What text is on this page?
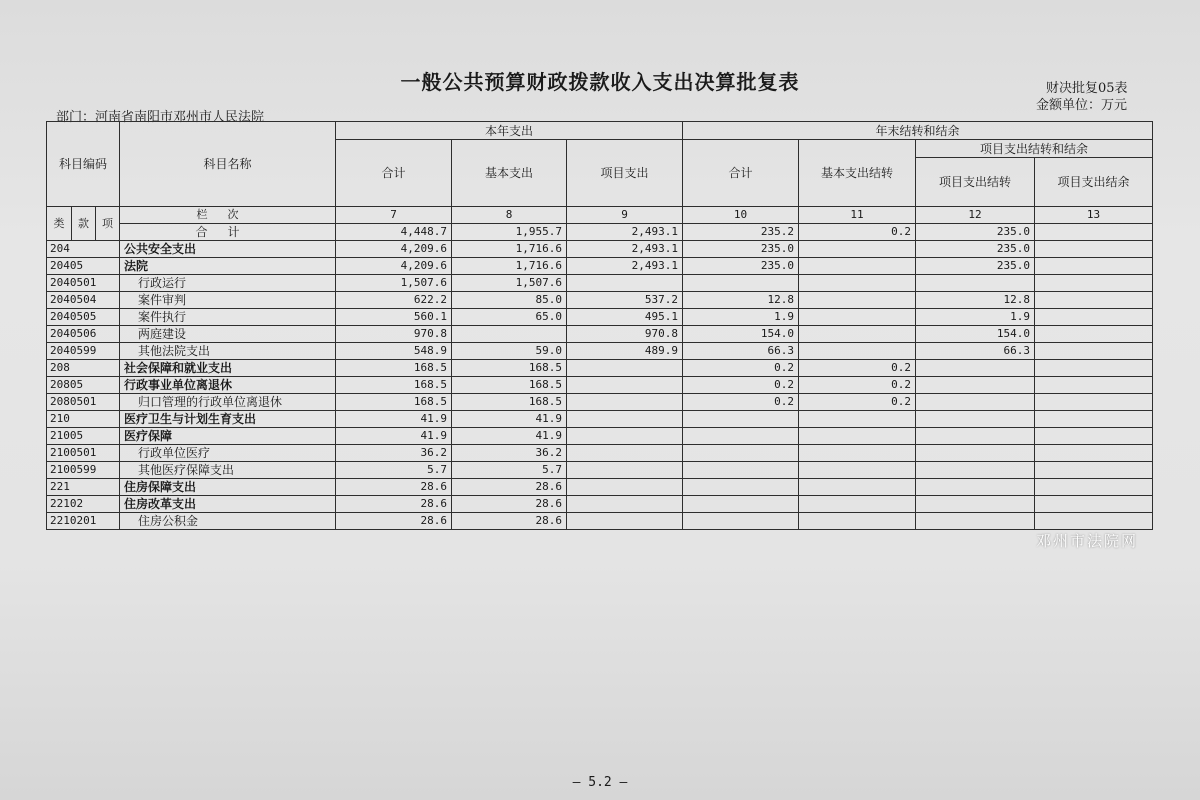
一般公共预算财政拨款收入支出决算批复表	财决批复05表
金额单位：万元
部门：河南省南阳市邓州市人民法院
科目编码			科目名称	本年支出			年末结转和结余			
				合计	基本支出	项目支出	合计	基本支出结转	项目支出结转和结余	
									项目支出结转	项目支出结余
类	款	项	栏次	7	8	9	10	11	12	13
			合计	4,448.7	1,955.7	2,493.1	235.2	0.2	235.0	
204			公共安全支出	4,209.6	1,716.6	2,493.1	235.0		235.0	
20405			法院	4,209.6	1,716.6	2,493.1	235.0		235.0	
2040501			行政运行	1,507.6	1,507.6					
2040504			案件审判	622.2	85.0	537.2	12.8		12.8	
2040505			案件执行	560.1	65.0	495.1	1.9		1.9	
2040506			两庭建设	970.8		970.8	154.0		154.0	
2040599			其他法院支出	548.9	59.0	489.9	66.3		66.3	
208			社会保障和就业支出	168.5	168.5		0.2	0.2		
20805			行政事业单位离退休	168.5	168.5		0.2	0.2		
2080501			归口管理的行政单位离退休	168.5	168.5		0.2	0.2		
210			医疗卫生与计划生育支出	41.9	41.9					
21005			医疗保障	41.9	41.9					
2100501			行政单位医疗	36.2	36.2					
2100599			其他医疗保障支出	5.7	5.7					
221			住房保障支出	28.6	28.6					
22102			住房改革支出	28.6	28.6					
2210201			住房公积金	28.6	28.6					
邓州市法院网
— 5.2 —
